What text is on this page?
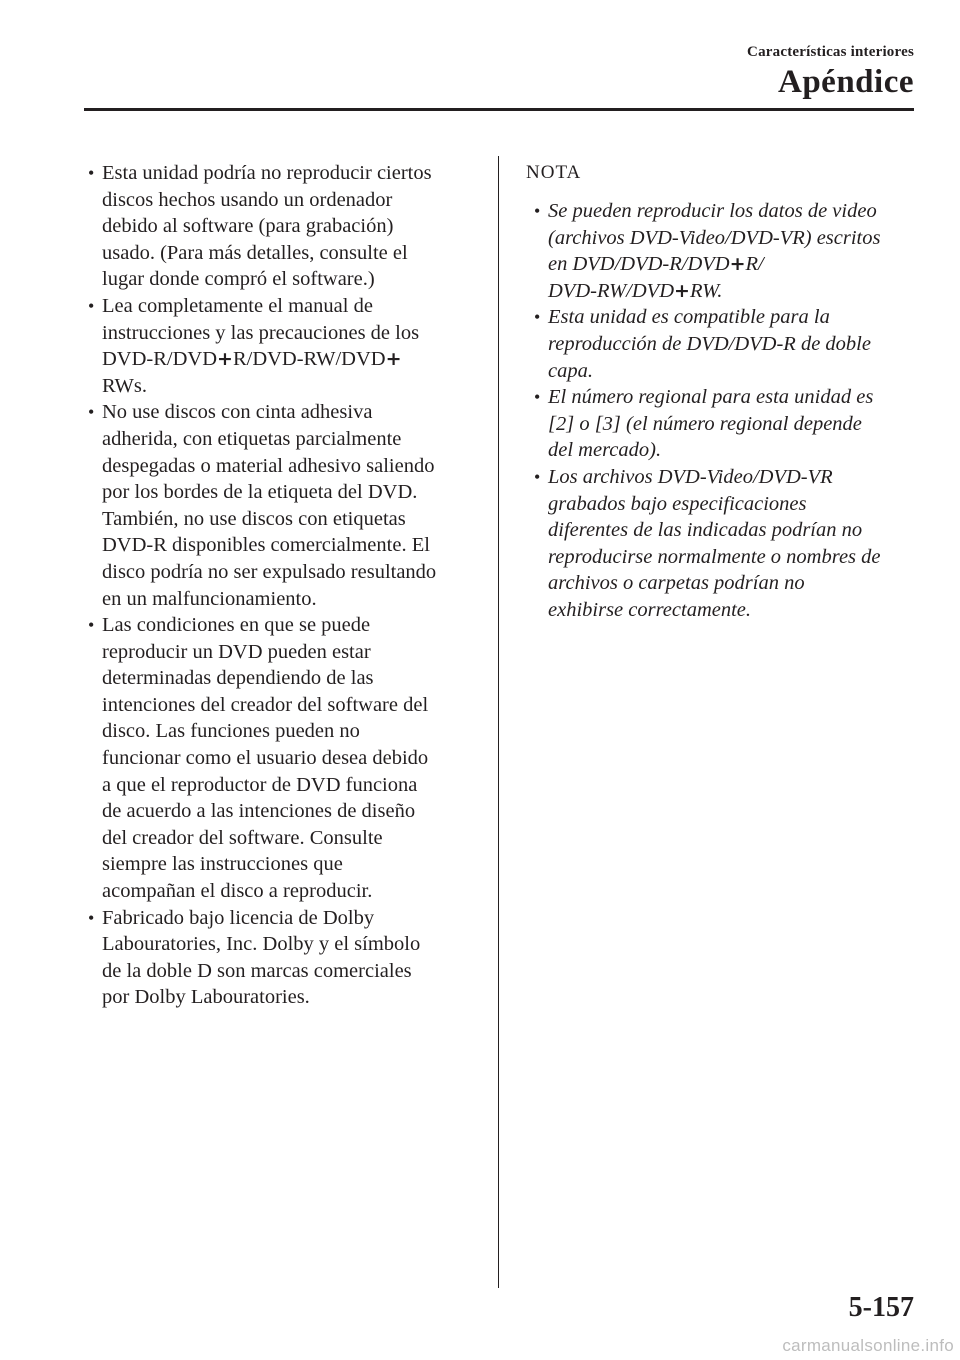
Características interiores
Apéndice
• Esta unidad podría no reproducir ciertos
discos hechos usando un ordenador
debido al software (para grabación)
usado. (Para más detalles, consulte el
lugar donde compró el software.)
• Lea completamente el manual de
instrucciones y las precauciones de los
DVD-R/DVD+R/DVD-RW/DVD+
RWs.
• No use discos con cinta adhesiva
adherida, con etiquetas parcialmente
despegadas o material adhesivo saliendo
por los bordes de la etiqueta del DVD.
También, no use discos con etiquetas
DVD-R disponibles comercialmente. El
disco podría no ser expulsado resultando
en un malfuncionamiento.
• Las condiciones en que se puede
reproducir un DVD pueden estar
determinadas dependiendo de las
intenciones del creador del software del
disco. Las funciones pueden no
funcionar como el usuario desea debido
a que el reproductor de DVD funciona
de acuerdo a las intenciones de diseño
del creador del software. Consulte
siempre las instrucciones que
acompañan el disco a reproducir.
• Fabricado bajo licencia de Dolby
Labouratories, Inc. Dolby y el símbolo
de la doble D son marcas comerciales
por Dolby Labouratories.
NOTA
• Se pueden reproducir los datos de video
(archivos DVD-Video/DVD-VR) escritos
en DVD/DVD-R/DVD+R/
DVD-RW/DVD+RW.
• Esta unidad es compatible para la
reproducción de DVD/DVD-R de doble
capa.
• El número regional para esta unidad es
[2] o [3] (el número regional depende
del mercado).
• Los archivos DVD-Video/DVD-VR
grabados bajo especificaciones
diferentes de las indicadas podrían no
reproducirse normalmente o nombres de
archivos o carpetas podrían no
exhibirse correctamente.
5-157
carmanualsonline.info
